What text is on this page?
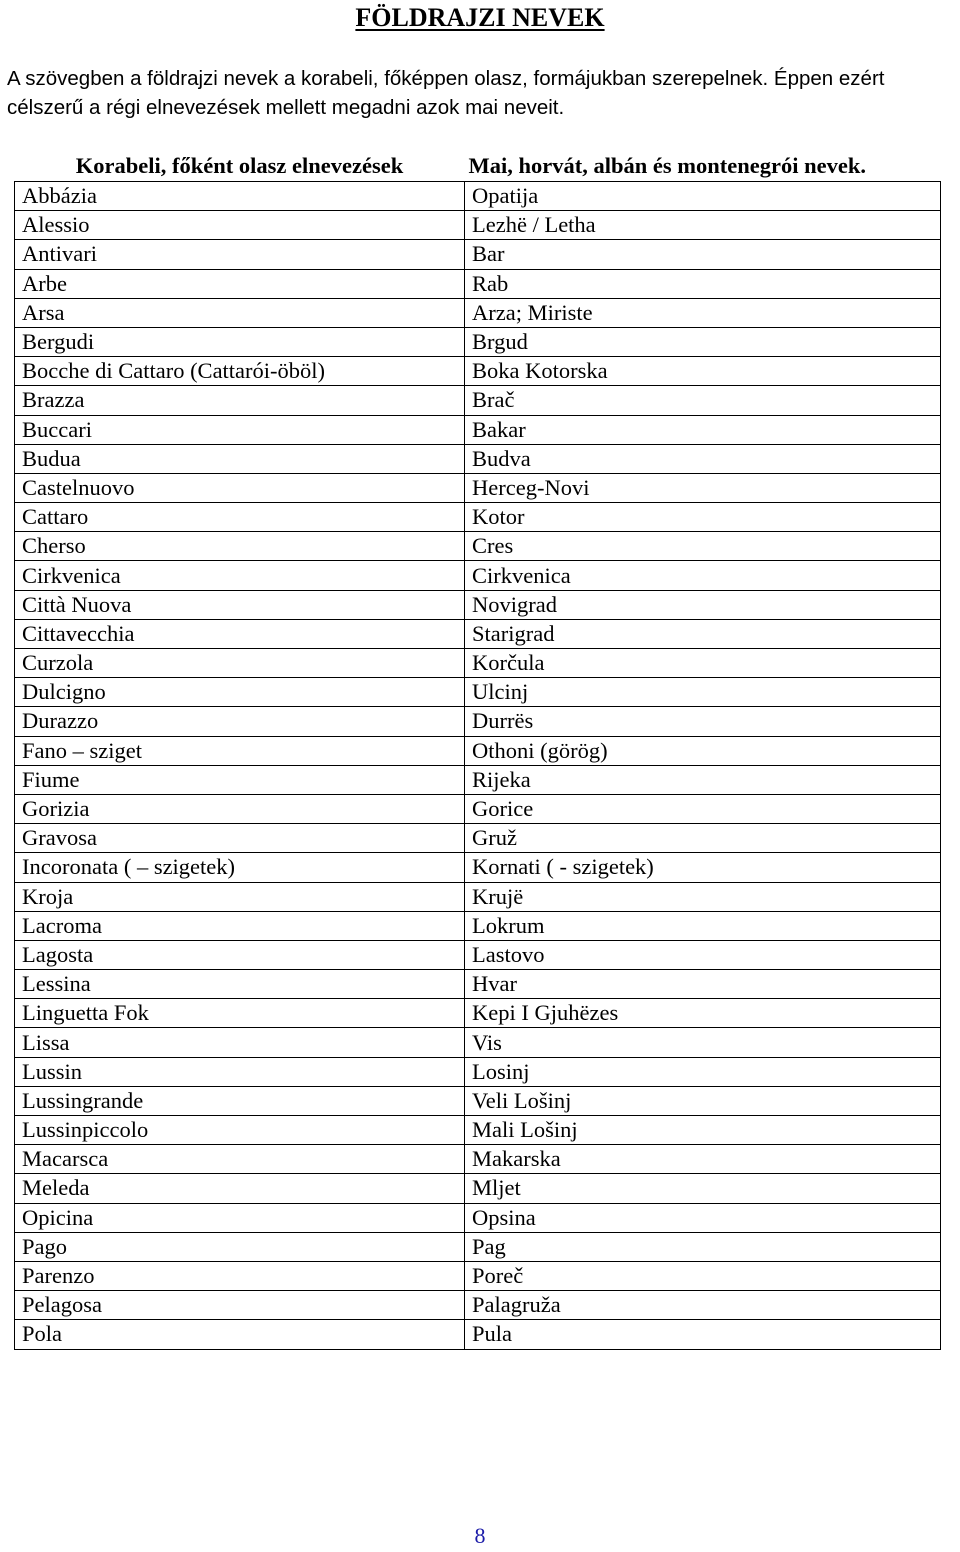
FÖLDRAJZI NEVEK

A szövegben a földrajzi nevek a korabeli, főképpen olasz, formájukban szerepelnek. Éppen ezért célszerű a régi elnevezések mellett megadni azok mai neveit.

Korabeli, főként olasz elnevezések	Mai, horvát, albán és montenegrói nevek.
Abbázia	Opatija
Alessio	Lezhë / Letha
Antivari	Bar
Arbe	Rab
Arsa	Arza; Miriste
Bergudi	Brgud
Bocche di Cattaro (Cattarói-öböl)	Boka Kotorska
Brazza	Brač
Buccari	Bakar
Budua	Budva
Castelnuovo	Herceg-Novi
Cattaro	Kotor
Cherso	Cres
Cirkvenica	Cirkvenica
Città Nuova	Novigrad
Cittavecchia	Starigrad
Curzola	Korčula
Dulcigno	Ulcinj
Durazzo	Durrës
Fano – sziget	Othoni (görög)
Fiume	Rijeka
Gorizia	Gorice
Gravosa	Gruž
Incoronata ( – szigetek)	Kornati ( - szigetek)
Kroja	Krujë
Lacroma	Lokrum
Lagosta	Lastovo
Lessina	Hvar
Linguetta Fok	Kepi I Gjuhëzes
Lissa	Vis
Lussin	Losinj
Lussingrande	Veli Lošinj
Lussinpiccolo	Mali Lošinj
Macarsca	Makarska
Meleda	Mljet
Opicina	Opsina
Pago	Pag
Parenzo	Poreč
Pelagosa	Palagruža
Pola	Pula
8
